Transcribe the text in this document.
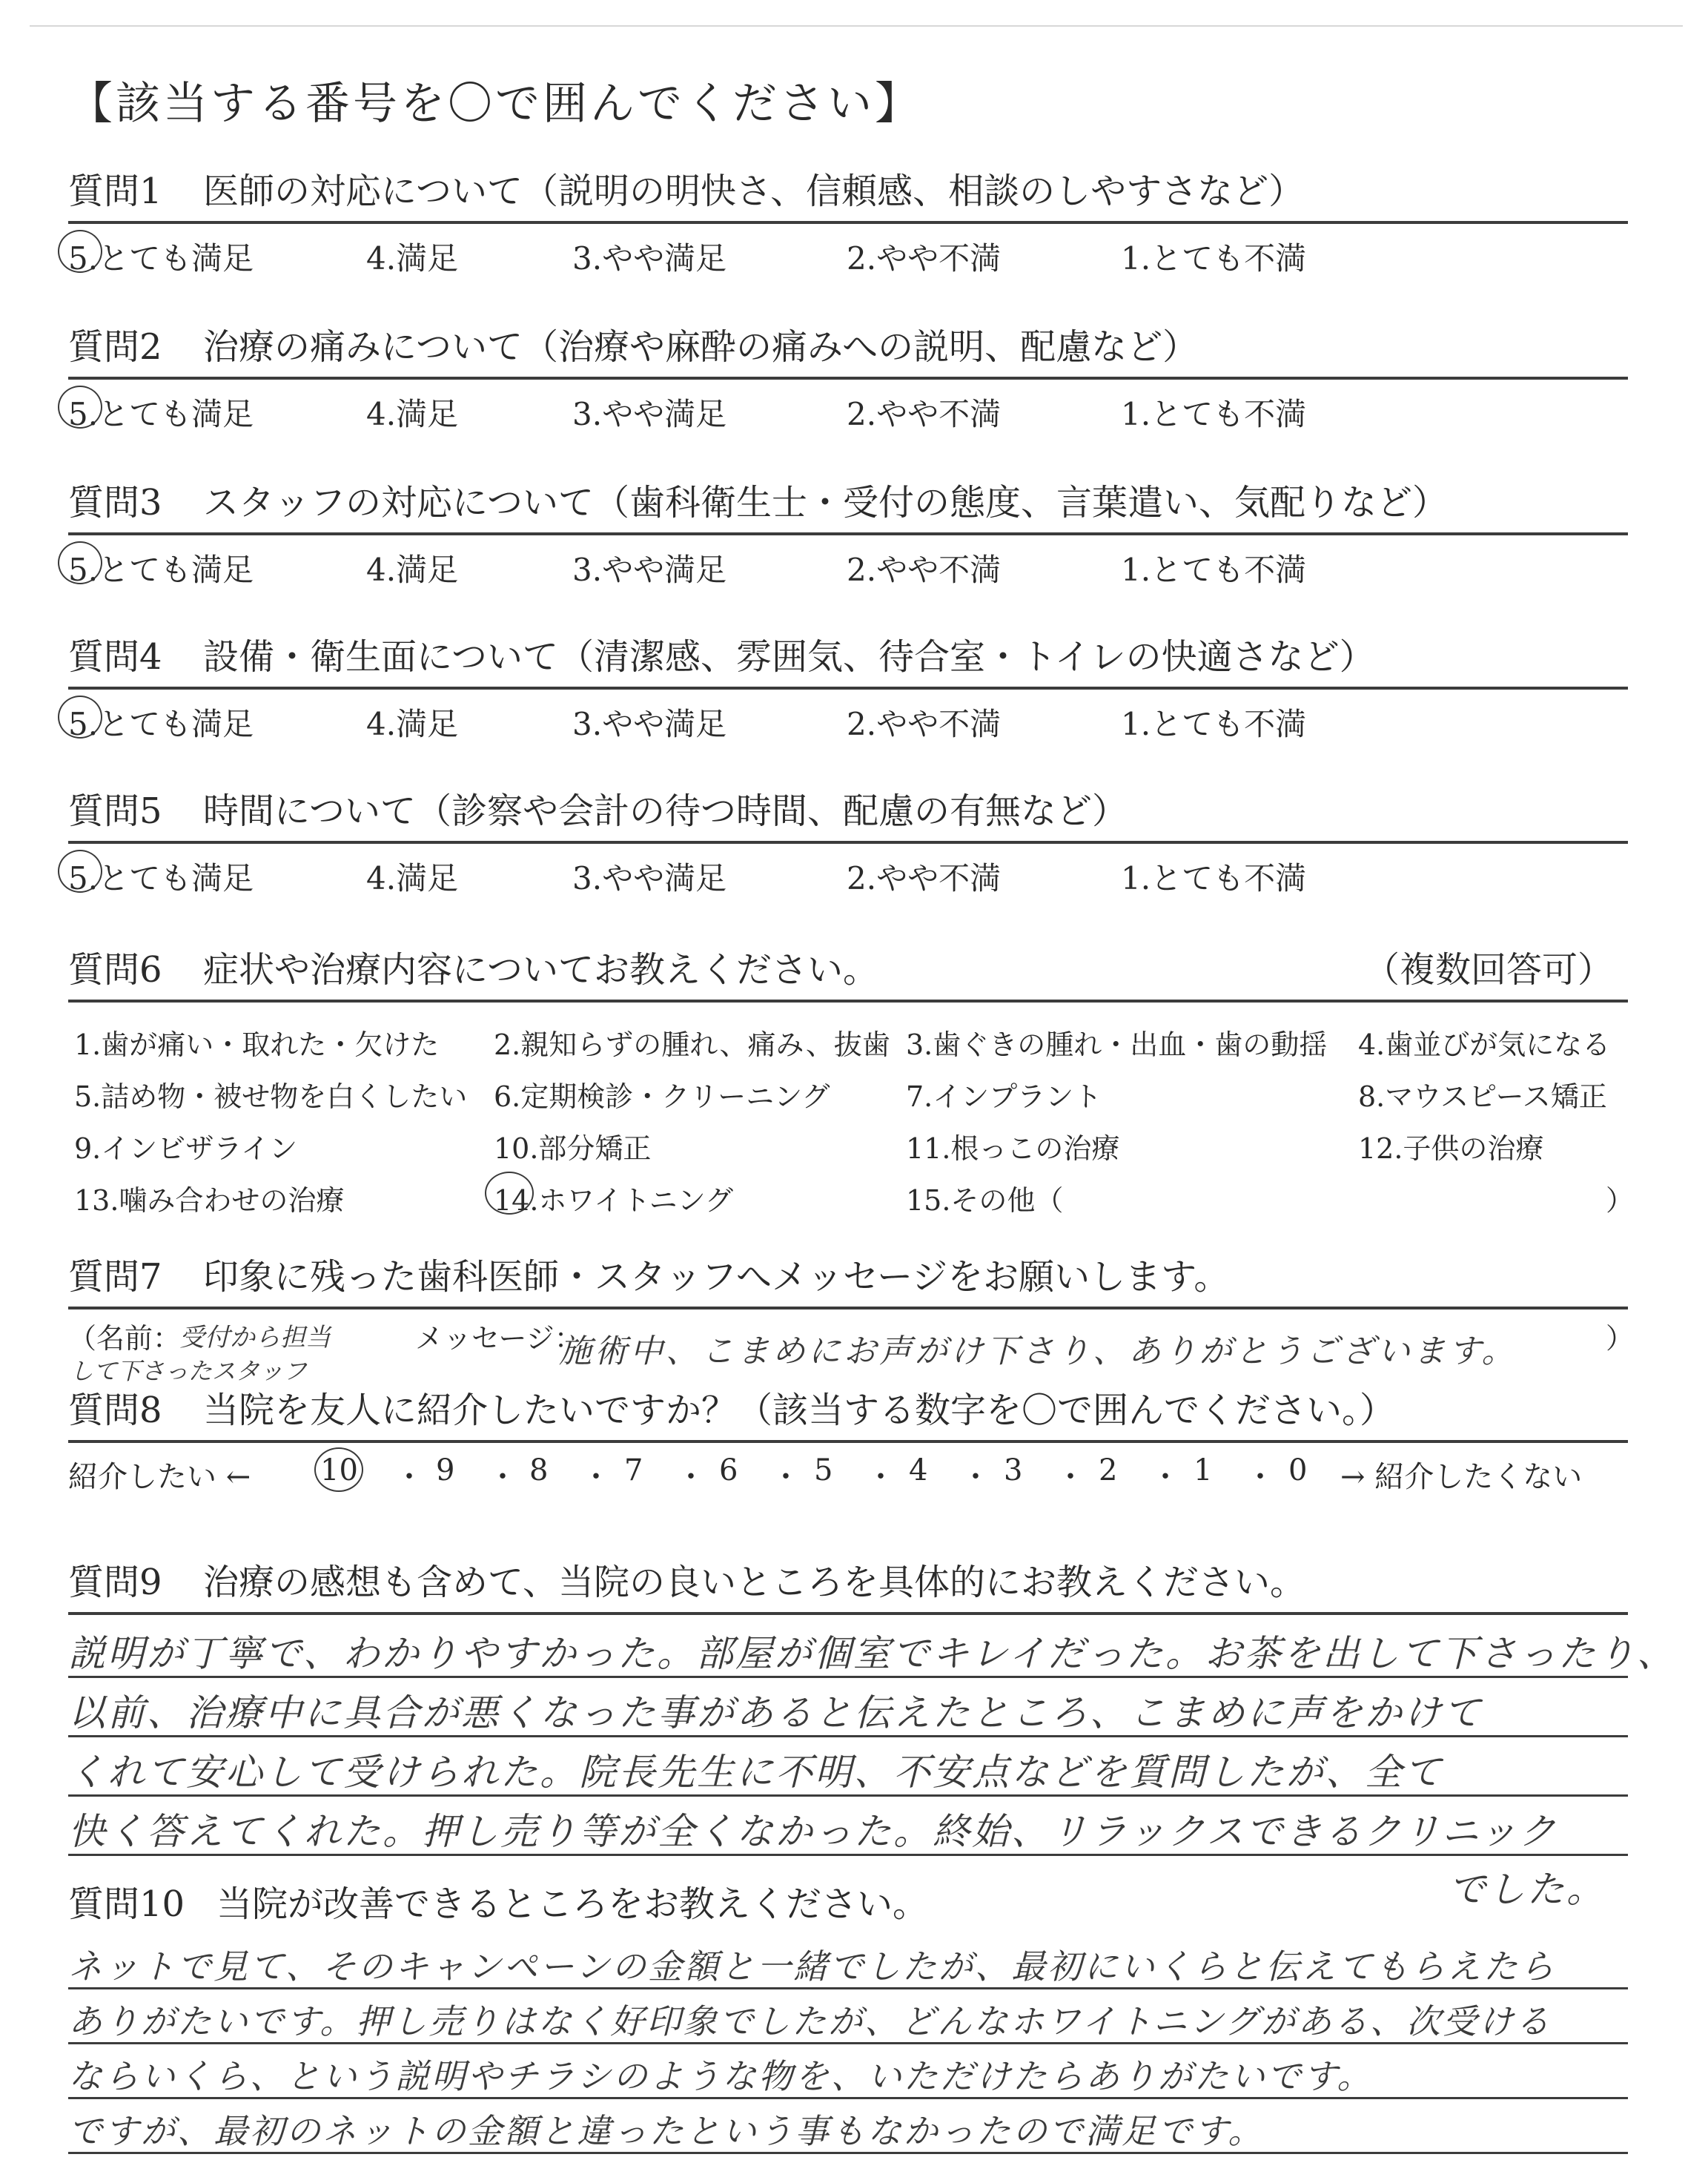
【該当する番号を〇で囲んでください】
質問1 医師の対応について（説明の明快さ、信頼感、相談のしやすさなど）
5.とても満足	4.満足	3.やや満足	2.やや不満	1.とても不満
質問2 治療の痛みについて（治療や麻酔の痛みへの説明、配慮など）
5.とても満足	4.満足	3.やや満足	2.やや不満	1.とても不満
質問3 スタッフの対応について（歯科衛生士・受付の態度、言葉遣い、気配りなど）
5.とても満足	4.満足	3.やや満足	2.やや不満	1.とても不満
質問4 設備・衛生面について（清潔感、雰囲気、待合室・トイレの快適さなど）
5.とても満足	4.満足	3.やや満足	2.やや不満	1.とても不満
質問5 時間について（診察や会計の待つ時間、配慮の有無など）
5.とても満足	4.満足	3.やや満足	2.やや不満	1.とても不満
質問6 症状や治療内容についてお教えください。	（複数回答可）
1.歯が痛い・取れた・欠けた 2.親知らずの腫れ、痛み、抜歯 3.歯ぐきの腫れ・出血・歯の動揺 4.歯並びが気になる
5.詰め物・被せ物を白くしたい 6.定期検診・クリーニング	7.インプラント	8.マウスピース矯正
9.インビザライン	10.部分矯正	11.根っこの治療	12.子供の治療
13.噛み合わせの治療	14.ホワイトニング	15.その他（	）
質問7 印象に残った歯科医師・スタッフへメッセージをお願いします。
（名前：
受付から担当
して下さったスタッフ
メッセージ：
施術中、こまめにお声がけ下さり、ありがとうございます。	）
質問8 当院を友人に紹介したいですか？（該当する数字を〇で囲んでください。）
紹介したい ← 10 ・ 9 ・ 8 ・ 7 ・ 6 ・ 5 ・ 4 ・ 3 ・ 2 ・ 1 ・ 0 → 紹介したくない
質問9 治療の感想も含めて、当院の良いところを具体的にお教えください。
説明が丁寧で、わかりやすかった。部屋が個室でキレイだった。お茶を出して下さったり、
以前、治療中に具合が悪くなった事があると伝えたところ、こまめに声をかけて
くれて安心して受けられた。院長先生に不明、不安点などを質問したが、全て
快く答えてくれた。押し売り等が全くなかった。終始、リラックスできるクリニック
でした。
質問10 当院が改善できるところをお教えください。
ネットで見て、そのキャンペーンの金額と一緒でしたが、最初にいくらと伝えてもらえたら
ありがたいです。押し売りはなく好印象でしたが、どんなホワイトニングがある、次受ける
ならいくら、という説明やチラシのような物を、いただけたらありがたいです。
ですが、最初のネットの金額と違ったという事もなかったので満足です。
